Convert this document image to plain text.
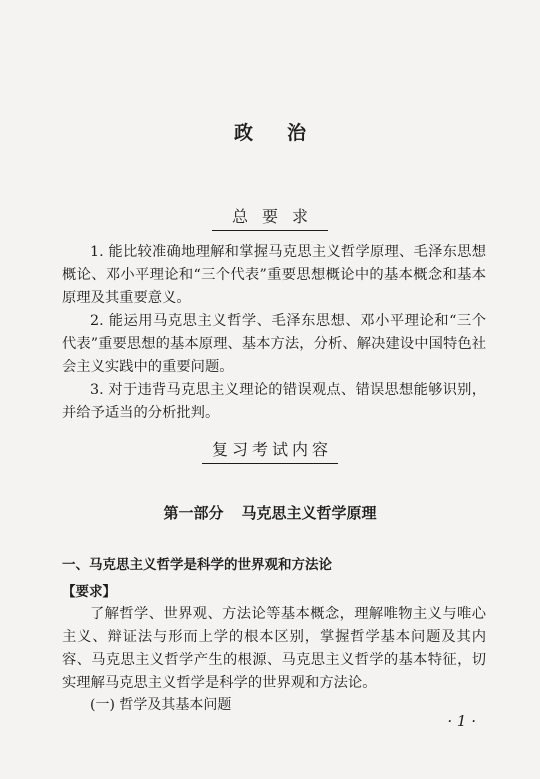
政治
总要求

1. 能比较准确地理解和掌握马克思主义哲学原理、毛泽东思想概论、邓小平理论和“三个代表”重要思想概论中的基本概念和基本原理及其重要意义。

2. 能运用马克思主义哲学、毛泽东思想、邓小平理论和“三个代表”重要思想的基本原理、基本方法，分析、解决建设中国特色社会主义实践中的重要问题。

3. 对于违背马克思主义理论的错误观点、错误思想能够识别，并给予适当的分析批判。

复习考试内容
第一部分 马克思主义哲学原理
一、马克思主义哲学是科学的世界观和方法论
【要求】

了解哲学、世界观、方法论等基本概念，理解唯物主义与唯心主义、辩证法与形而上学的根本区别，掌握哲学基本问题及其内容、马克思主义哲学产生的根源、马克思主义哲学的基本特征，切实理解马克思主义哲学是科学的世界观和方法论。

(一) 哲学及其基本问题
· 1 ·
